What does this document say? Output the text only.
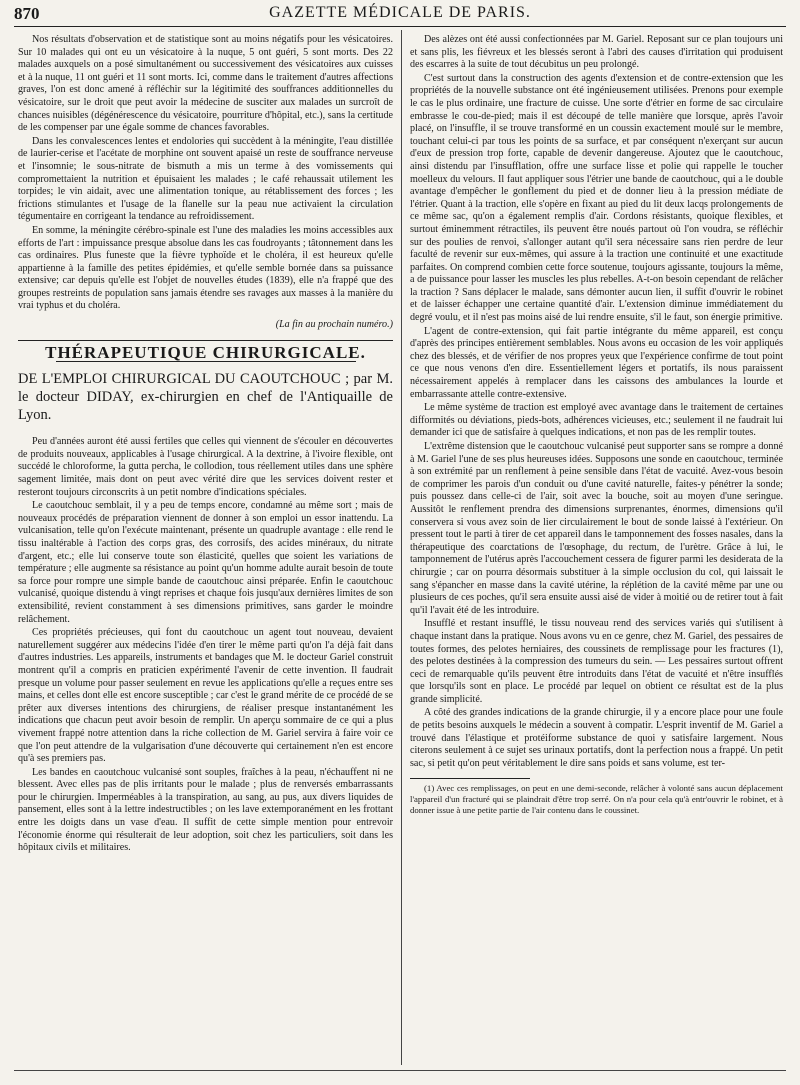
870	GAZETTE MÉDICALE DE PARIS.

Nos résultats d'observation et de statistique sont au moins négatifs pour les vésicatoires. Sur 10 malades qui ont eu un vésicatoire à la nuque, 5 ont guéri, 5 sont morts. Des 22 malades auxquels on a posé simultanément ou successivement des vésicatoires aux cuisses et à la nuque, 11 ont guéri et 11 sont morts. Ici, comme dans le traitement d'autres affections graves, l'on est donc amené à réfléchir sur la légitimité des souffrances additionnelles du vésicatoire, sur le droit que peut avoir la médecine de susciter aux malades un surcroît de chances nuisibles (dégénérescence du vésicatoire, pourriture d'hôpital, etc.), sans la certitude de les compenser par une égale somme de chances favorables.

Dans les convalescences lentes et endolories qui succèdent à la méningite, l'eau distillée de laurier-cerise et l'acétate de morphine ont souvent apaisé un reste de souffrance nerveuse et l'insomnie; le sous-nitrate de bismuth a mis un terme à des vomissements qui compromettaient la nutrition et épuisaient les malades ; le café rehaussait utilement les torpides; le vin aidait, avec une alimentation tonique, au rétablissement des forces ; les frictions stimulantes et l'usage de la flanelle sur la peau nue activaient la circulation tégumentaire en corrigeant la tendance au refroidissement.

En somme, la méningite cérébro-spinale est l'une des maladies les moins accessibles aux efforts de l'art : impuissance presque absolue dans les cas foudroyants ; tâtonnement dans les cas ordinaires. Plus funeste que la fièvre typhoïde et le choléra, il est heureux qu'elle appartienne à la famille des petites épidémies, et qu'elle semble bornée dans sa puissance extensive; car depuis qu'elle est l'objet de nouvelles études (1839), elle n'a frappé que des groupes restreints de population sans jamais étendre ses ravages aux masses à la manière du vrai typhus et du choléra.

(La fin au prochain numéro.)
THÉRAPEUTIQUE CHIRURGICALE.

DE L'EMPLOI CHIRURGICAL DU CAOUTCHOUC ; par M. le docteur DIDAY, ex-chirurgien en chef de l'Antiquaille de Lyon.

Peu d'années auront été aussi fertiles que celles qui viennent de s'écouler en découvertes de produits nouveaux, applicables à l'usage chirurgical. A la dextrine, à l'ivoire flexible, ont succédé le chloroforme, la gutta percha, le collodion, tous réellement utiles dans une sphère sagement limitée, mais dont on peut avec vérité dire que les services doivent rester et resteront toujours circonscrits à un petit nombre d'indications spéciales.

Le caoutchouc semblait, il y a peu de temps encore, condamné au même sort ; mais de nouveaux procédés de préparation viennent de donner à son emploi un essor inattendu. La vulcanisation, telle qu'on l'exécute maintenant, présente un quadruple avantage : elle rend le tissu inaltérable à l'action des corps gras, des corrosifs, des acides minéraux, du nitrate d'argent, etc.; elle lui conserve toute son élasticité, quelles que soient les variations de température ; elle augmente sa résistance au point qu'un homme adulte aurait besoin de toute sa force pour rompre une simple bande de caoutchouc ainsi préparée. Enfin le caoutchouc vulcanisé, quoique distendu à vingt reprises et chaque fois jusqu'aux dernières limites de son extensibilité, revient constamment à ses dimensions primitives, sans garder le moindre relâchement.

Ces propriétés précieuses, qui font du caoutchouc un agent tout nouveau, devaient naturellement suggérer aux médecins l'idée d'en tirer le même parti qu'on l'a déjà fait dans d'autres industries. Les appareils, instruments et bandages que M. le docteur Gariel construit montrent qu'il a compris en praticien expérimenté l'avenir de cette invention. Il faudrait presque un volume pour passer seulement en revue les applications qu'elle a reçues entre ses mains, et celles dont elle est encore susceptible ; car c'est le grand mérite de ce procédé de se prêter aux diverses intentions des chirurgiens, de réaliser presque instantanément les indications que chacun peut avoir besoin de remplir. Un aperçu sommaire de ce qui a plus vivement frappé notre attention dans la riche collection de M. Gariel servira à faire voir ce que l'on peut attendre de la vulgarisation d'une découverte qui certainement n'en est encore qu'à ses premiers pas.

Les bandes en caoutchouc vulcanisé sont souples, fraîches à la peau, n'échauffent ni ne blessent. Avec elles pas de plis irritants pour le malade ; plus de renversés embarrassants pour le chirurgien. Imperméables à la transpiration, au sang, au pus, aux divers liquides de pansement, elles sont à la lettre indestructibles ; on les lave extemporanément en les frottant entre les doigts dans un vase d'eau. Il suffit de cette simple mention pour entrevoir l'économie énorme qui résulterait de leur adoption, soit chez les particuliers, soit dans les hôpitaux civils et militaires.

Des alèzes ont été aussi confectionnées par M. Gariel. Reposant sur ce plan toujours uni et sans plis, les fiévreux et les blessés seront à l'abri des causes d'irritation qui produisent des escarres à la suite de tout décubitus un peu prolongé.

C'est surtout dans la construction des agents d'extension et de contre-extension que les propriétés de la nouvelle substance ont été ingénieusement utilisées. Prenons pour exemple le cas le plus ordinaire, une fracture de cuisse. Une sorte d'étrier en forme de sac circulaire embrasse le cou-de-pied; mais il est découpé de telle manière que lorsque, après l'avoir placé, on l'insuffle, il se trouve transformé en un coussin exactement moulé sur le membre, touchant celui-ci par tous les points de sa surface, et par conséquent n'exerçant sur aucun d'eux de pression trop forte, capable de devenir dangereuse. Ajoutez que le caoutchouc, ainsi distendu par l'insufflation, offre une surface lisse et polie qui rappelle le toucher moelleux du velours. Il faut appliquer sous l'étrier une bande de caoutchouc, qui a le double avantage d'empêcher le gonflement du pied et de donner lieu à la pression médiate de l'étrier. Quant à la traction, elle s'opère en fixant au pied du lit deux lacqs prolongements de ce même sac, qu'on a également remplis d'air. Cordons résistants, quoique flexibles, et surtout éminemment rétractiles, ils peuvent être noués partout où l'on voudra, se réfléchir sur des poulies de renvoi, s'allonger autant qu'il sera nécessaire sans rien perdre de leur faculté de revenir sur eux-mêmes, qui assure à la traction une continuité et une exactitude parfaites. On comprend combien cette force soutenue, toujours agissante, toujours la même, a de puissance pour lasser les muscles les plus rebelles. A-t-on besoin cependant de relâcher la traction ? Sans déplacer le malade, sans démonter aucun lien, il suffit d'ouvrir le robinet et de laisser échapper une certaine quantité d'air. L'extension diminue immédiatement du degré voulu, et il n'est pas moins aisé de lui rendre ensuite, s'il le faut, son énergie primitive.

L'agent de contre-extension, qui fait partie intégrante du même appareil, est conçu d'après des principes entièrement semblables. Nous avons eu occasion de les voir appliqués chez des blessés, et de vérifier de nos propres yeux que l'expérience confirme de tout point ce que nous venons d'en dire. Essentiellement légers et portatifs, ils nous paraissent nécessairement appelés à remplacer dans les caissons des ambulances la lourde et embarrassante attelle contre-extensive.

Le même système de traction est employé avec avantage dans le traitement de certaines difformités ou déviations, pieds-bots, adhérences vicieuses, etc.; seulement il ne faudrait lui demander ici que de satisfaire à quelques indications, et non pas de les remplir toutes.

L'extrême distension que le caoutchouc vulcanisé peut supporter sans se rompre a donné à M. Gariel l'une de ses plus heureuses idées. Supposons une sonde en caoutchouc, terminée à son extrémité par un renflement à peine sensible dans l'état de vacuité. Avez-vous besoin de comprimer les parois d'un conduit ou d'une cavité naturelle, faites-y pénétrer la sonde; puis poussez dans celle-ci de l'air, soit avec la bouche, soit au moyen d'une seringue. Aussitôt le renflement prendra des dimensions surprenantes, énormes, dimensions qu'il conservera si vous avez soin de lier circulairement le bout de sonde laissé à l'extérieur. On pressent tout le parti à tirer de cet appareil dans le tamponnement des fosses nasales, dans la thérapeutique des coarctations de l'œsophage, du rectum, de l'urètre. Grâce à lui, le tamponnement de l'utérus après l'accouchement cessera de figurer parmi les desiderata de la chirurgie ; car on pourra désormais substituer à la simple occlusion du col, qui laissait le sang s'épancher en masse dans la cavité utérine, la réplétion de la cavité même par une ou plusieurs de ces poches, qu'il sera ensuite aussi aisé de vider à moitié ou de retirer tout à fait qu'il l'avait été de les introduire.

Insufflé et restant insufflé, le tissu nouveau rend des services variés qui s'utilisent à chaque instant dans la pratique. Nous avons vu en ce genre, chez M. Gariel, des pessaires de toutes formes, des pelotes herniaires, des coussinets de remplissage pour les fractures (1), des pelotes destinées à la compression des tumeurs du sein. — Les pessaires surtout offrent ceci de remarquable qu'ils peuvent être introduits dans l'état de vacuité et n'être insufflés que lorsqu'ils sont en place. Le procédé par lequel on obtient ce résultat est de la plus grande simplicité.

A côté des grandes indications de la grande chirurgie, il y a encore place pour une foule de petits besoins auxquels le médecin a souvent à compatir. L'esprit inventif de M. Gariel a trouvé dans l'élastique et protéiforme substance de quoi y satisfaire largement. Nous citerons seulement à ce sujet ses urinaux portatifs, dont la perfection nous a frappé. Un petit sac, si petit qu'on peut véritablement le dire sans poids et sans volume, est ter-

(1) Avec ces remplissages, on peut en une demi-seconde, relâcher à volonté sans aucun déplacement l'appareil d'un fracturé qui se plaindrait d'être trop serré. On n'a pour cela qu'à entr'ouvrir le robinet, et à donner issue à une petite partie de l'air contenu dans le coussinet.
